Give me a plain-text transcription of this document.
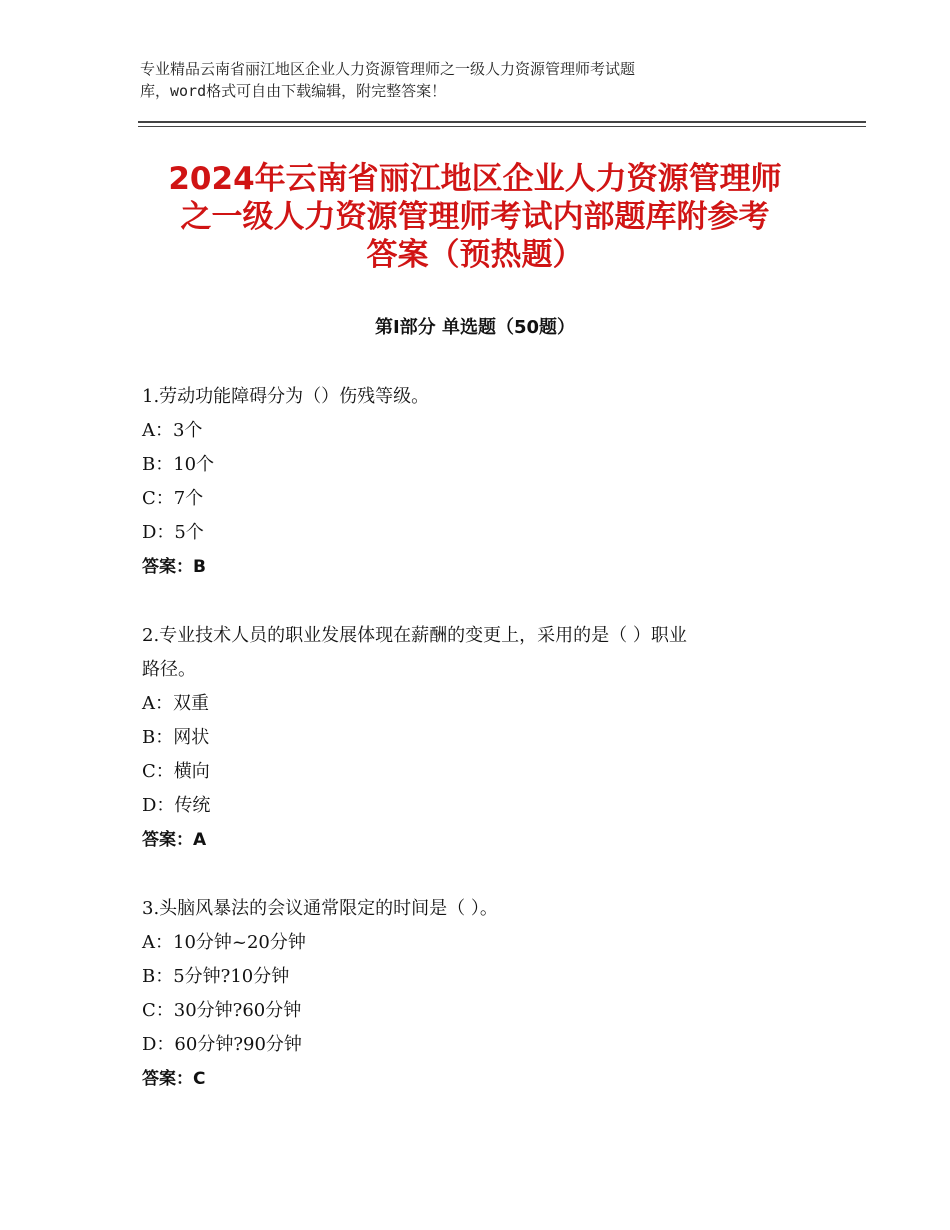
专业精品云南省丽江地区企业人力资源管理师之一级人力资源管理师考试题
库，word格式可自由下载编辑，附完整答案！
2024年云南省丽江地区企业人力资源管理师
之一级人力资源管理师考试内部题库附参考
答案（预热题）
第Ⅰ部分 单选题（50题）
1.劳动功能障碍分为（）伤残等级。
A：3个
B：10个
C：7个
D：5个
答案：B
2.专业技术人员的职业发展体现在薪酬的变更上，采用的是（ ）职业
路径。
A：双重
B：网状
C：横向
D：传统
答案：A
3.头脑风暴法的会议通常限定的时间是（ ）。
A：10分钟~20分钟
B：5分钟?10分钟
C：30分钟?60分钟
D：60分钟?90分钟
答案：C
